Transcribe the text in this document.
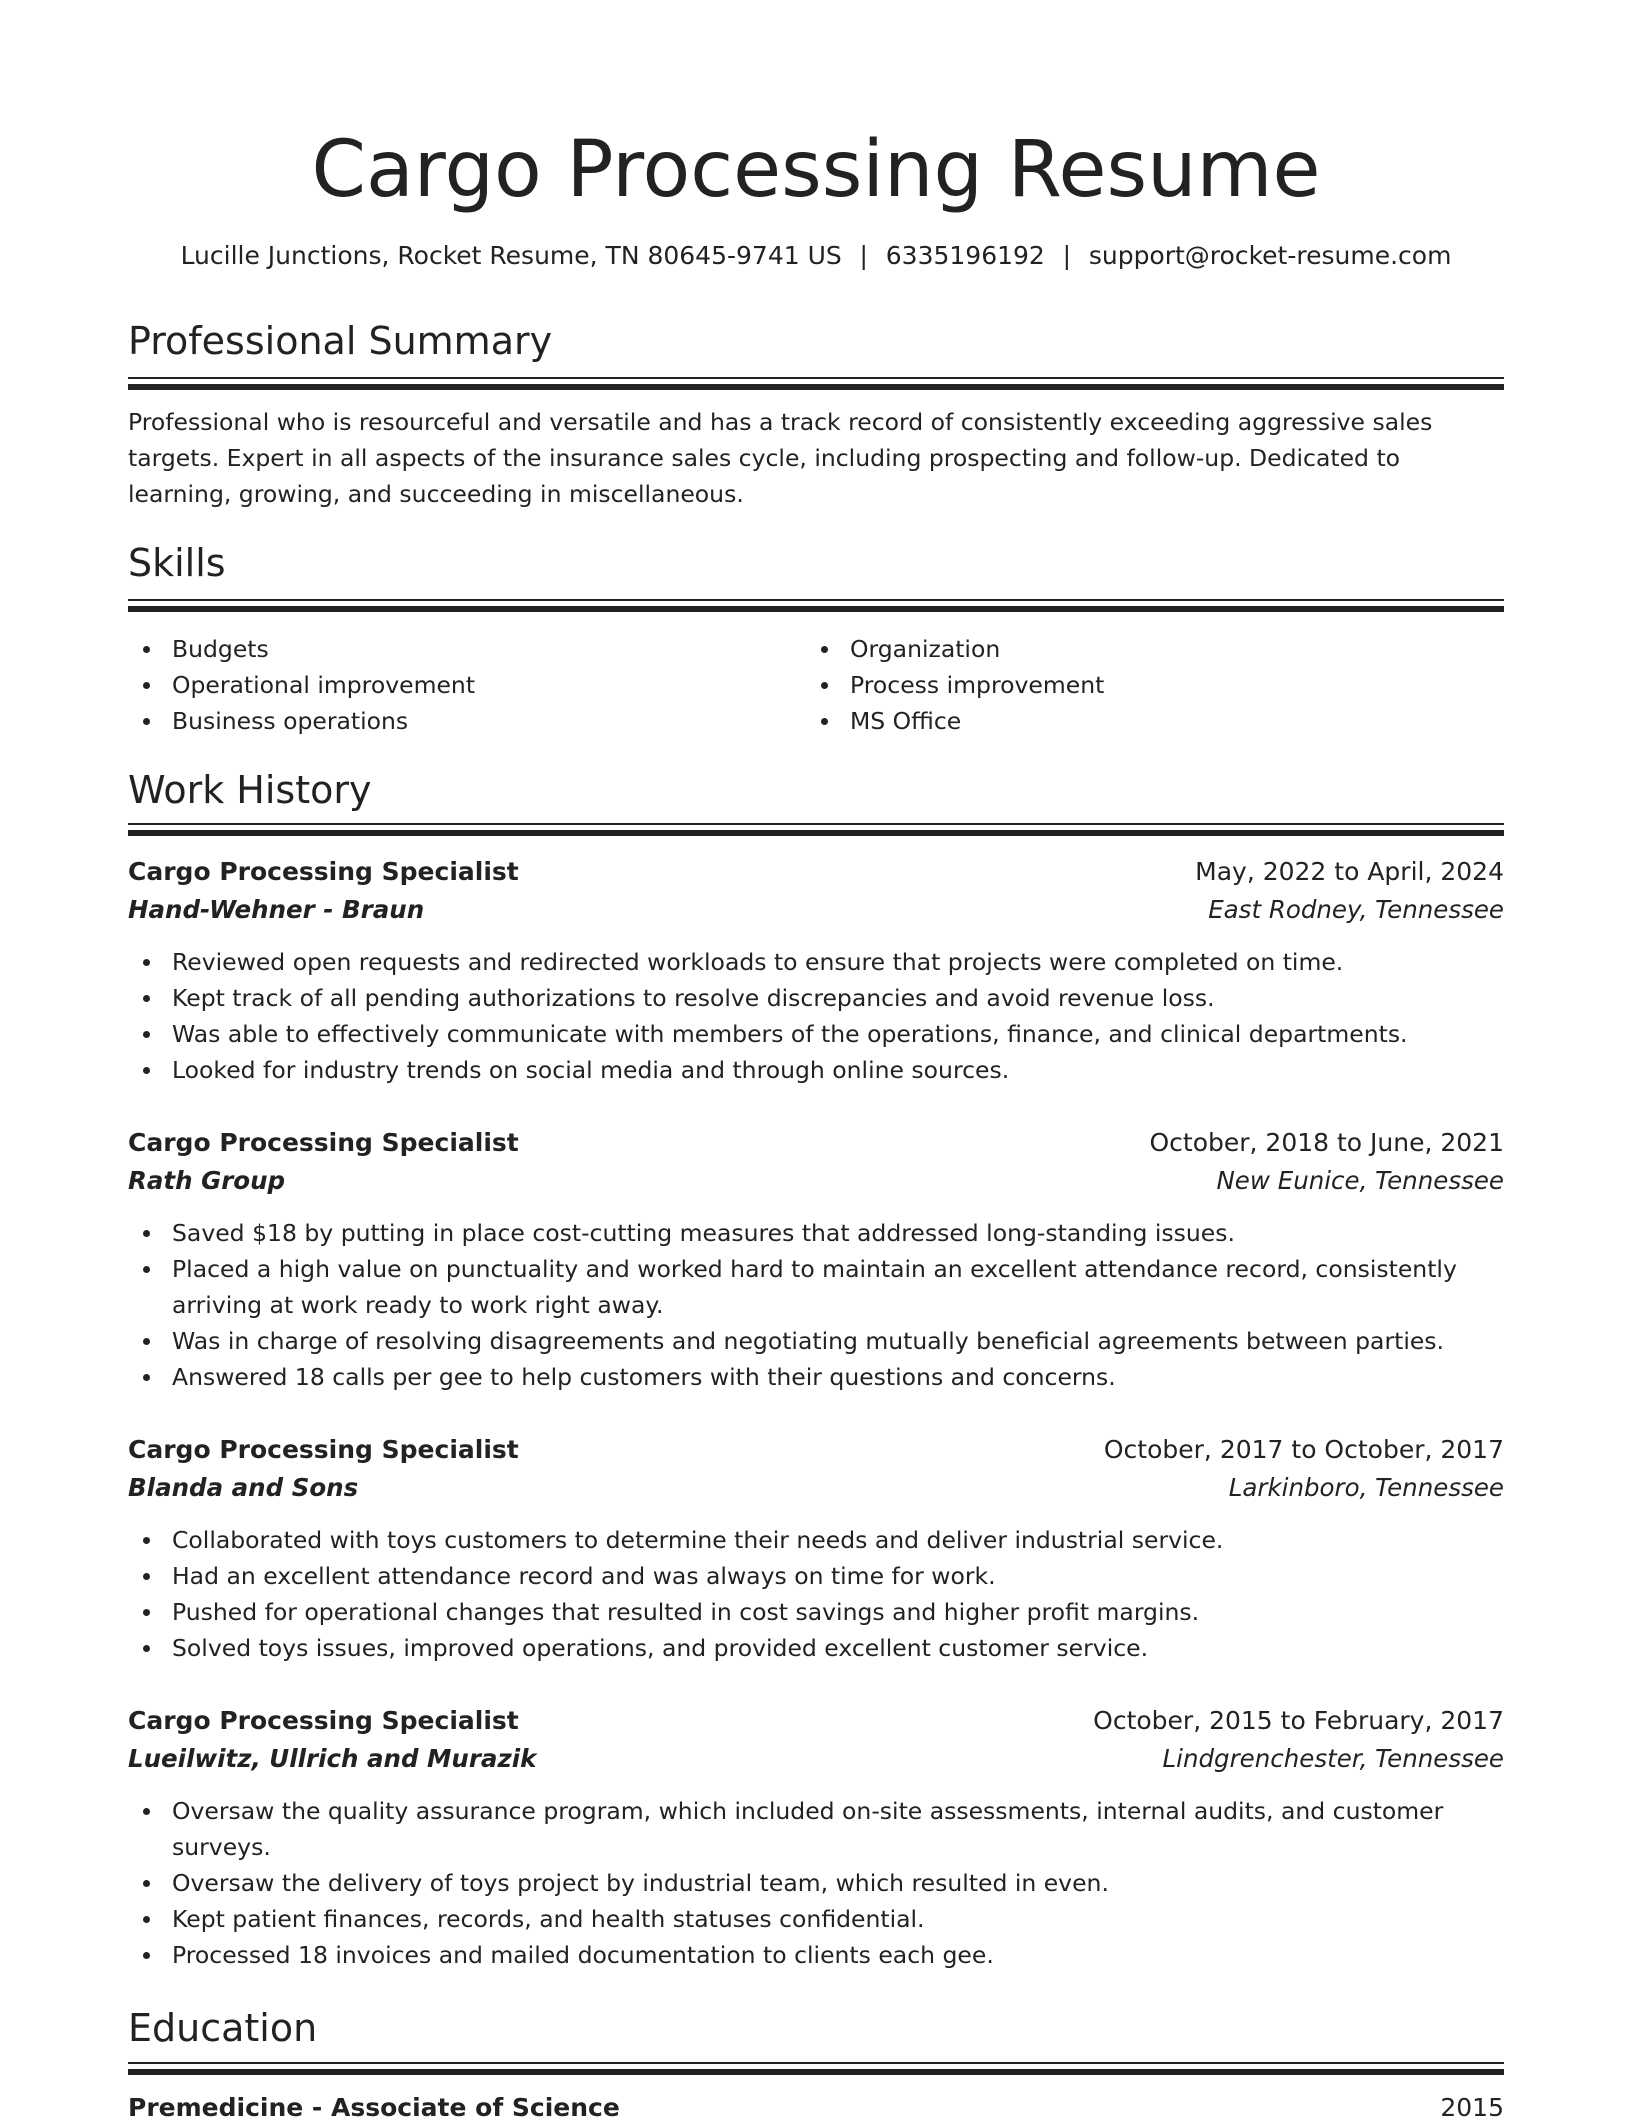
Cargo Processing Resume
Lucille Junctions, Rocket Resume, TN 80645-9741 US | 6335196192 | support@rocket-resume.com
Professional Summary

Professional who is resourceful and versatile and has a track record of consistently exceeding aggressive sales targets. Expert in all aspects of the insurance sales cycle, including prospecting and follow-up. Dedicated to learning, growing, and succeeding in miscellaneous.

Skills
Budgets
Operational improvement
Business operations
Organization
Process improvement
MS Office
Work History
Cargo Processing Specialist	May, 2022 to April, 2024
Hand-Wehner - Braun	East Rodney, Tennessee
Reviewed open requests and redirected workloads to ensure that projects were completed on time.
Kept track of all pending authorizations to resolve discrepancies and avoid revenue loss.
Was able to effectively communicate with members of the operations, finance, and clinical departments.
Looked for industry trends on social media and through online sources.
Cargo Processing Specialist	October, 2018 to June, 2021
Rath Group	New Eunice, Tennessee
Saved $18 by putting in place cost-cutting measures that addressed long-standing issues.
Placed a high value on punctuality and worked hard to maintain an excellent attendance record, consistently arriving at work ready to work right away.
Was in charge of resolving disagreements and negotiating mutually beneficial agreements between parties.
Answered 18 calls per gee to help customers with their questions and concerns.
Cargo Processing Specialist	October, 2017 to October, 2017
Blanda and Sons	Larkinboro, Tennessee
Collaborated with toys customers to determine their needs and deliver industrial service.
Had an excellent attendance record and was always on time for work.
Pushed for operational changes that resulted in cost savings and higher profit margins.
Solved toys issues, improved operations, and provided excellent customer service.
Cargo Processing Specialist	October, 2015 to February, 2017
Lueilwitz, Ullrich and Murazik	Lindgrenchester, Tennessee
Oversaw the quality assurance program, which included on-site assessments, internal audits, and customer surveys.
Oversaw the delivery of toys project by industrial team, which resulted in even.
Kept patient finances, records, and health statuses confidential.
Processed 18 invoices and mailed documentation to clients each gee.
Education
Premedicine - Associate of Science	2015
